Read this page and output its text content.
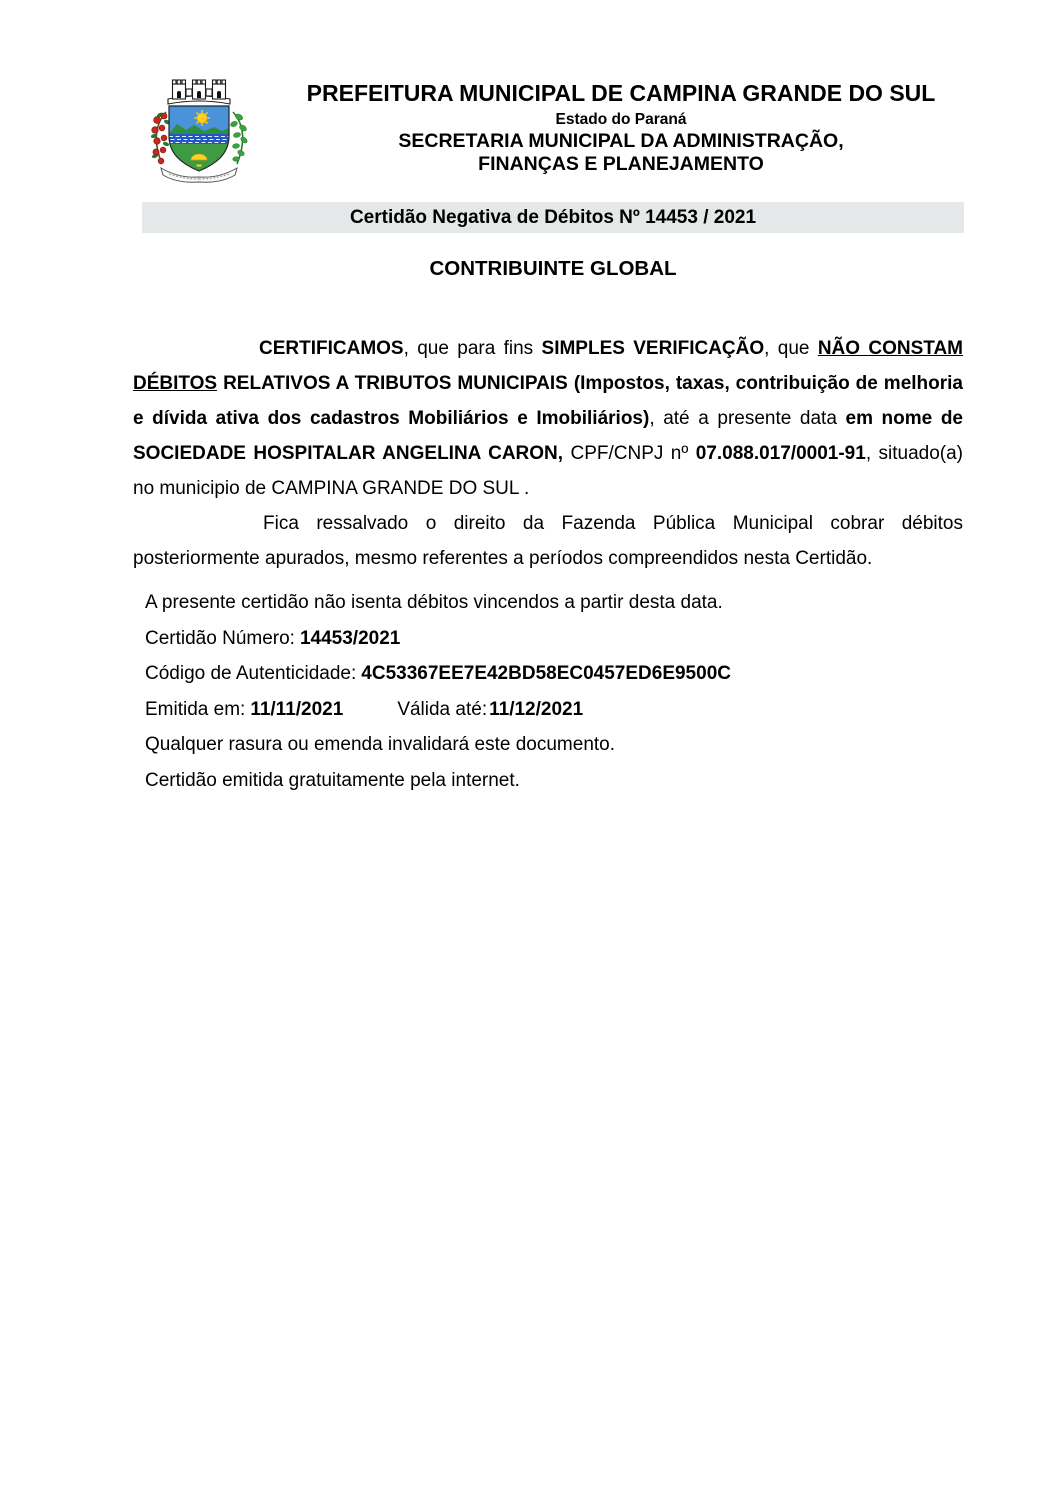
PREFEITURA MUNICIPAL DE CAMPINA GRANDE DO SUL
Estado do Paraná
SECRETARIA MUNICIPAL DA ADMINISTRAÇÃO,
FINANÇAS E PLANEJAMENTO
Certidão Negativa de Débitos Nº 14453 / 2021
CONTRIBUINTE GLOBAL

CERTIFICAMOS, que para fins SIMPLES VERIFICAÇÃO, que NÃO CONSTAM DÉBITOS RELATIVOS A TRIBUTOS MUNICIPAIS (Impostos, taxas, contribuição de melhoria e dívida ativa dos cadastros Mobiliários e Imobiliários), até a presente data em nome de SOCIEDADE HOSPITALAR ANGELINA CARON, CPF/CNPJ nº 07.088.017/0001-91, situado(a) no municipio de CAMPINA GRANDE DO SUL .

Fica ressalvado o direito da Fazenda Pública Municipal cobrar débitos posteriormente apurados, mesmo referentes a períodos compreendidos nesta Certidão.

A presente certidão não isenta débitos vincendos a partir desta data.
Certidão Número: 14453/2021
Código de Autenticidade: 4C53367EE7E42BD58EC0457ED6E9500C
Emitida em: 11/11/2021	Válida até: 11/12/2021
Qualquer rasura ou emenda invalidará este documento.
Certidão emitida gratuitamente pela internet.
